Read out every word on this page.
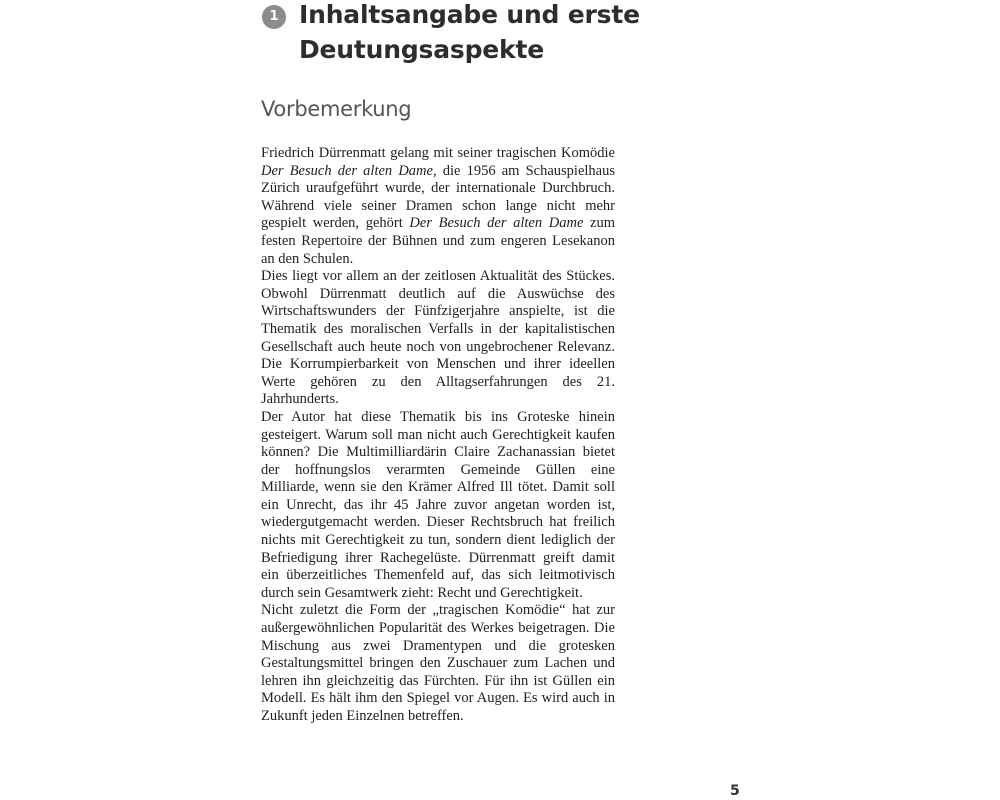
1 Inhaltsangabe und erste Deutungsaspekte
Vorbemerkung

Friedrich Dürrenmatt gelang mit seiner tragischen Komödie Der Besuch der alten Dame, die 1956 am Schauspielhaus Zürich uraufgeführt wurde, der internationale Durchbruch. Während viele seiner Dramen schon lange nicht mehr gespielt werden, gehört Der Besuch der alten Dame zum festen Repertoire der Bühnen und zum engeren Lesekanon an den Schulen.

Dies liegt vor allem an der zeitlosen Aktualität des Stückes. Obwohl Dürrenmatt deutlich auf die Auswüchse des Wirtschaftswunders der Fünfzigerjahre anspielte, ist die Thematik des moralischen Verfalls in der kapitalistischen Gesellschaft auch heute noch von ungebrochener Relevanz. Die Korrumpierbarkeit von Menschen und ihrer ideellen Werte gehören zu den Alltagserfahrungen des 21. Jahrhunderts.

Der Autor hat diese Thematik bis ins Groteske hinein gesteigert. Warum soll man nicht auch Gerechtigkeit kaufen können? Die Multimilliardärin Claire Zachanassian bietet der hoffnungslos verarmten Gemeinde Güllen eine Milliarde, wenn sie den Krämer Alfred Ill tötet. Damit soll ein Unrecht, das ihr 45 Jahre zuvor angetan worden ist, wiedergutgemacht werden. Dieser Rechtsbruch hat freilich nichts mit Gerechtigkeit zu tun, sondern dient lediglich der Befriedigung ihrer Rachegelüste. Dürrenmatt greift damit ein überzeitliches Themenfeld auf, das sich leitmotivisch durch sein Gesamtwerk zieht: Recht und Gerechtigkeit.

Nicht zuletzt die Form der „tragischen Komödie“ hat zur außergewöhnlichen Popularität des Werkes beigetragen. Die Mischung aus zwei Dramentypen und die grotesken Gestaltungsmittel bringen den Zuschauer zum Lachen und lehren ihn gleichzeitig das Fürchten. Für ihn ist Güllen ein Modell. Es hält ihm den Spiegel vor Augen. Es wird auch in Zukunft jeden Einzelnen betreffen.

5
